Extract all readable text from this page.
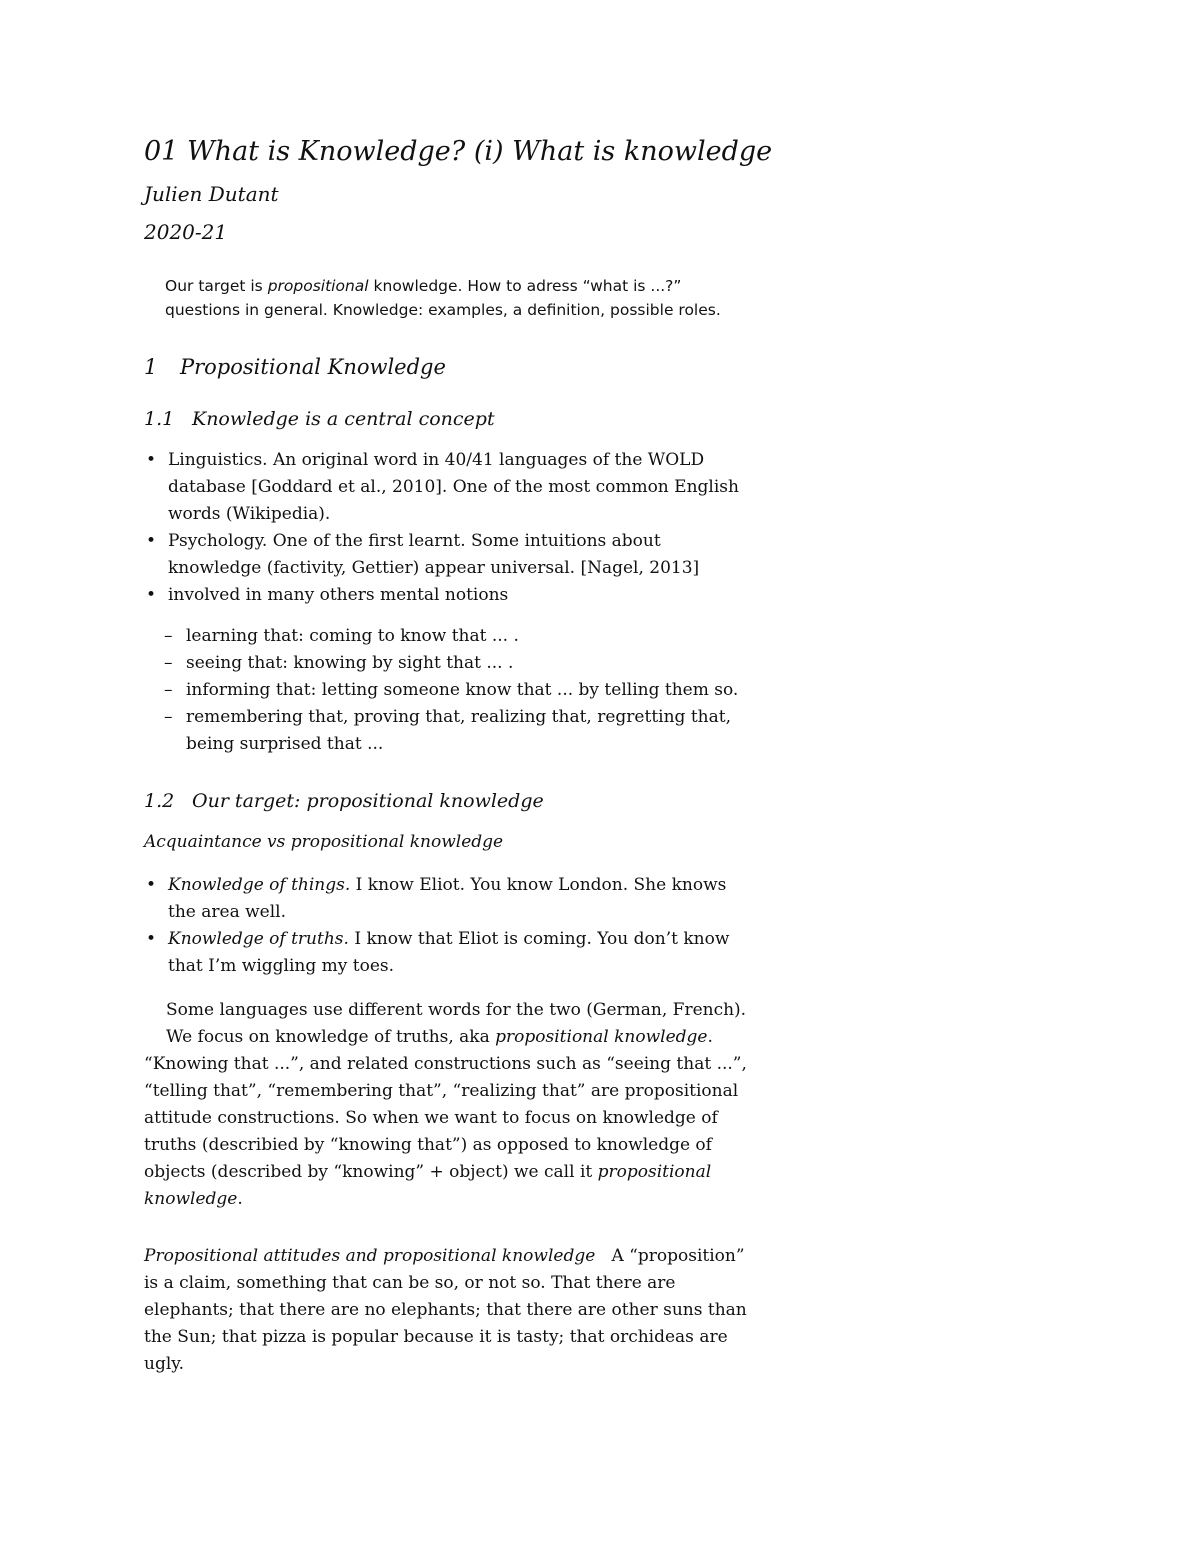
01 What is Knowledge? (i) What is knowledge
Julien Dutant
2020-21
Our target is propositional knowledge. How to adress “what is ...?” questions in general. Knowledge: examples, a definition, possible roles.
1 Propositional Knowledge
1.1 Knowledge is a central concept
• Linguistics. An original word in 40/41 languages of the WOLD database [Goddard et al., 2010]. One of the most common English words (Wikipedia).
• Psychology. One of the first learnt. Some intuitions about knowledge (factivity, Gettier) appear universal. [Nagel, 2013]
• involved in many others mental notions
– learning that: coming to know that ... .
– seeing that: knowing by sight that ... .
– informing that: letting someone know that ... by telling them so.
– remembering that, proving that, realizing that, regretting that, being surprised that ...
1.2 Our target: propositional knowledge
Acquaintance vs propositional knowledge
• Knowledge of things. I know Eliot. You know London. She knows the area well.
• Knowledge of truths. I know that Eliot is coming. You don’t know that I’m wiggling my toes.
Some languages use different words for the two (German, French).
We focus on knowledge of truths, aka propositional knowledge.
“Knowing that ...”, and related constructions such as “seeing that ...”, “telling that”, “remembering that”, “realizing that” are propositional attitude constructions. So when we want to focus on knowledge of truths (describied by “knowing that”) as opposed to knowledge of objects (described by “knowing” + object) we call it propositional knowledge.
Propositional attitudes and propositional knowledge A “proposition” is a claim, something that can be so, or not so. That there are elephants; that there are no elephants; that there are other suns than the Sun; that pizza is popular because it is tasty; that orchideas are ugly.
